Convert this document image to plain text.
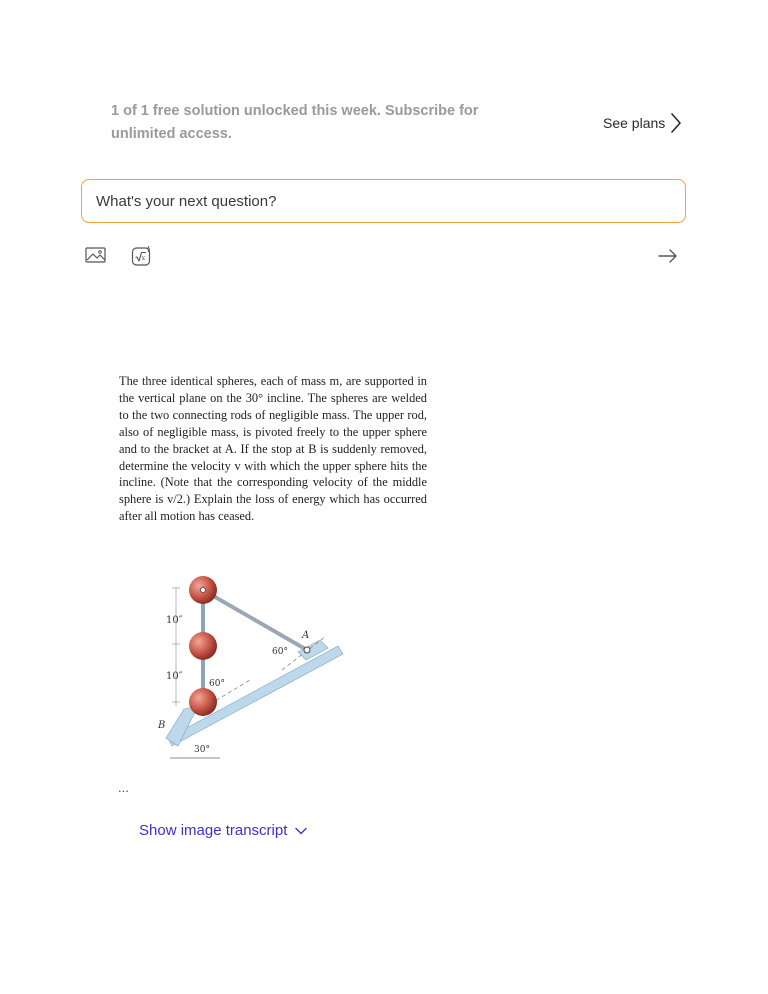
1 of 1 free solution unlocked this week. Subscribe for unlimited access.
See plans
What's your next question?
x
The three identical spheres, each of mass m, are supported in the vertical plane on the 30° incline. The spheres are welded to the two connecting rods of negligible mass. The upper rod, also of negligible mass, is pivoted freely to the upper sphere and to the bracket at A. If the stop at B is suddenly removed, determine the velocity v with which the upper sphere hits the incline. (Note that the corresponding velocity of the middle sphere is v/2.) Explain the loss of energy which has occurred after all motion has ceased.
10″
10″
60°
60°
30°
A
B
...
Show image transcript
